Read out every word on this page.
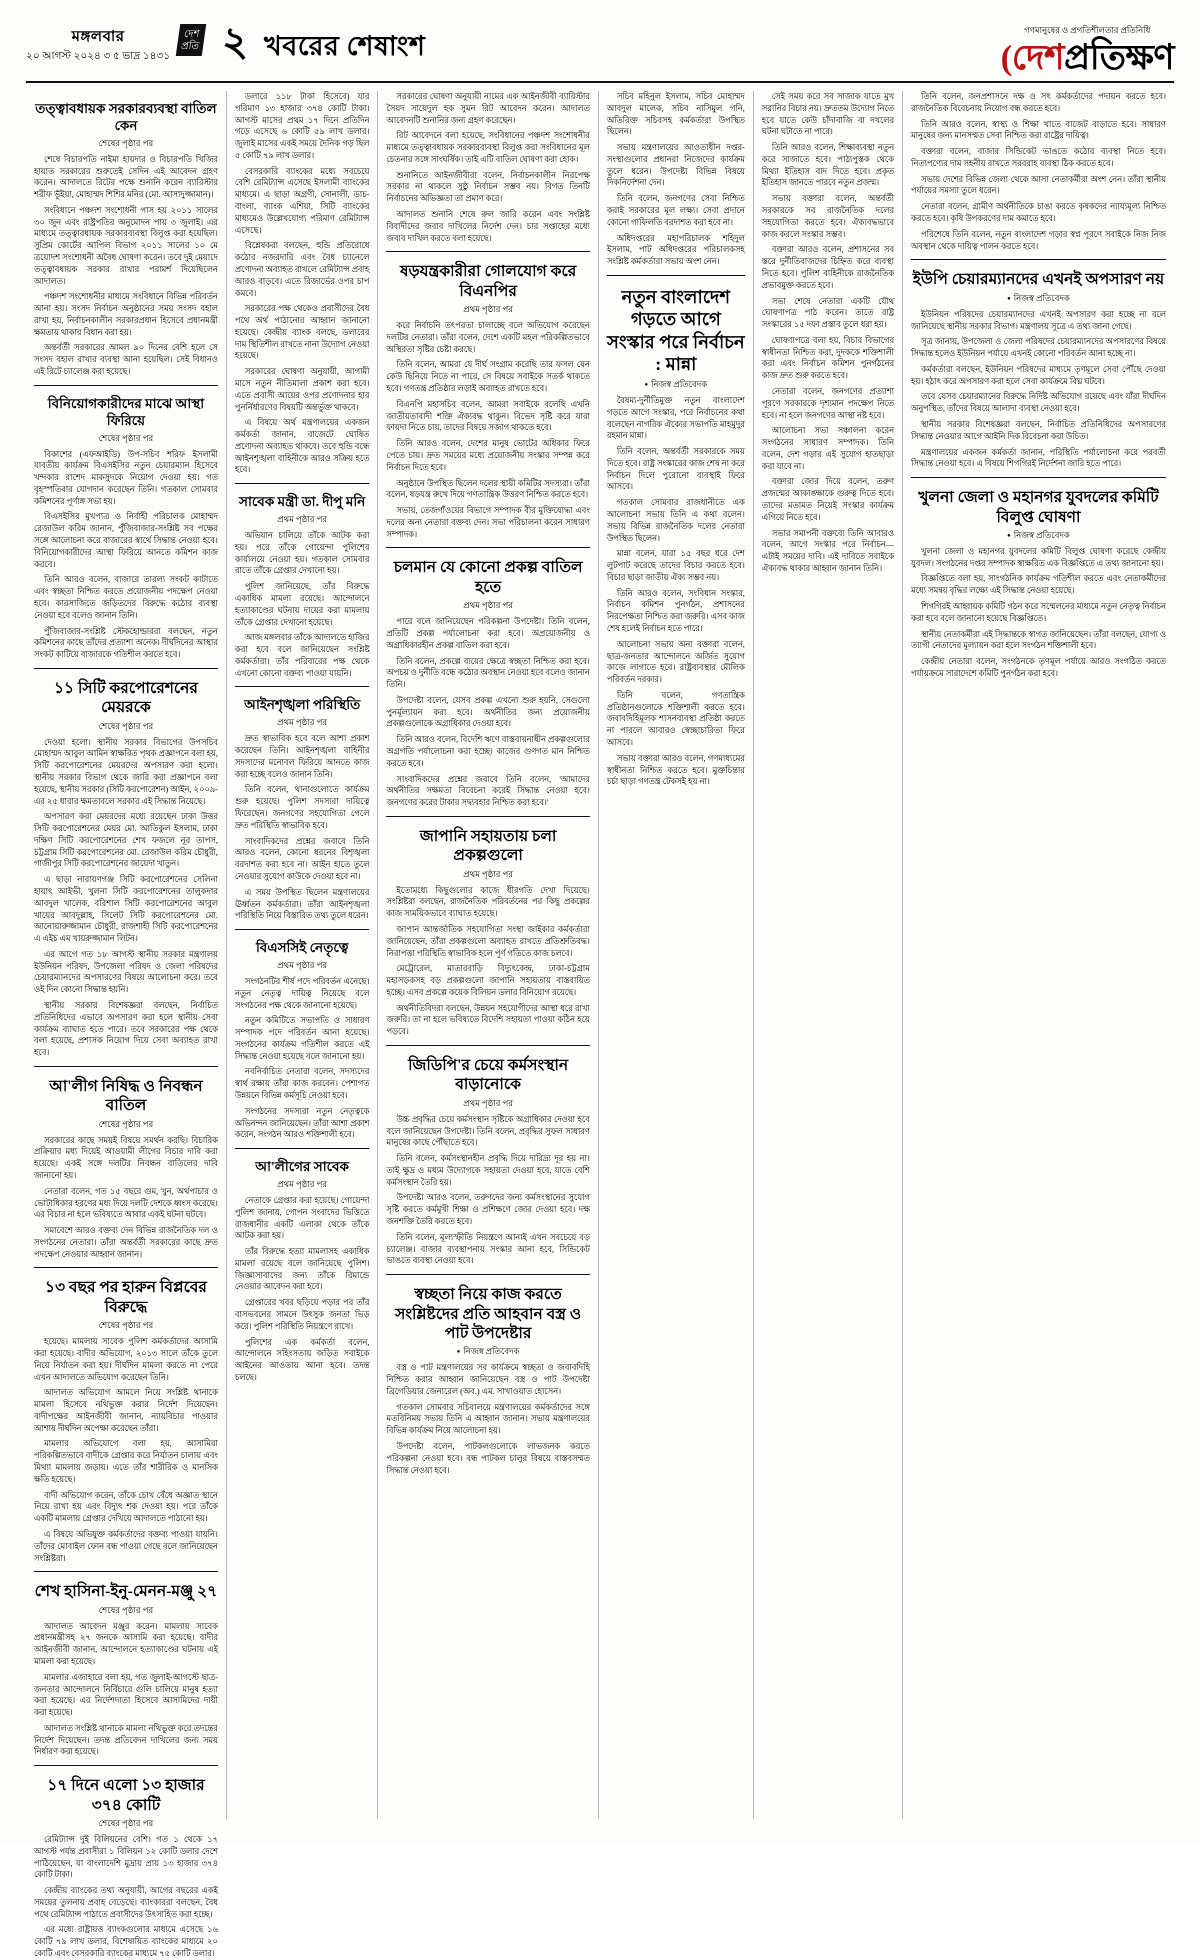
মঙ্গলবার
২০ আগস্ট ২০২৪ ৩ ৫ ভাদ্র ১৪৩১
দেশ
প্রতি ২ খবরের শেষাংশ
গণমানুষের ও প্রগতিশীলতার প্রতিনিধি
(দেশপ্রতিক্ষণ
তত্ত্বাবধায়ক সরকারব্যবস্থা বাতিল কেন
শেষের পৃষ্ঠার পর

শেষে বিচারপতি নাইমা হায়দার ও বিচারপতি খিজির হায়াত সরকারের শুরুতেই সেদিন এই আবেদন গ্রহণ করেন। আদালতে রিটের পক্ষে শুনানি করেন ব্যারিস্টার শরীফ ভূঁইয়া, মোহাম্মদ শিশির মনির (মো. আসাদুজ্জামান)।

সংবিধানে পঞ্চদশ সংশোধনী পাস হয় ২০১১ সালের ৩০ জুন এবং রাষ্ট্রপতির অনুমোদন পায় ৩ জুলাই। এর মাধ্যমে তত্ত্বাবধায়ক সরকারব্যবস্থা বিলুপ্ত করা হয়েছিল। সুপ্রিম কোর্টের আপিল বিভাগ ২০১১ সালের ১০ মে ত্রয়োদশ সংশোধনী অবৈধ ঘোষণা করেন। তবে দুই মেয়াদে তত্ত্বাবধায়ক সরকার রাখার পরামর্শ দিয়েছিলেন আদালত।

পঞ্চদশ সংশোধনীর মাধ্যমে সংবিধানে বিভিন্ন পরিবর্তন আনা হয়। সংসদ নির্বাচন অনুষ্ঠানের সময় সংসদ বহাল রাখা হয়, নির্বাচনকালীন সরকারপ্রধান হিসেবে প্রধানমন্ত্রী ক্ষমতায় থাকার বিধান করা হয়।

অন্তর্বর্তী সরকারের আমল ৯০ দিনের বেশি হলে সে সংসদ বহাল রাখার ব্যবস্থা আনা হয়েছিল। সেই বিধানও এই রিটে চ্যালেঞ্জ করা হয়েছে।

বিনিয়োগকারীদের মাঝে আস্থা ফিরিয়ে
শেষের পৃষ্ঠার পর

বিকাশের (এফআইডি) উপ-সচিব শরিফ ইসলামী যাবতীয় কার্যক্রম বিএসইসির নতুন চেয়ারম্যান হিসেবে খন্দকার রাশেদ মাকসুদকে নিয়োগ দেওয়া হয়। গত বৃহস্পতিবার যোগদান করেছেন তিনি। গতকাল সোমবার কমিশনের পূর্ণাঙ্গ সভা হয়।

বিএসইসির মুখপাত্র ও নির্বাহী পরিচালক মোহাম্মদ রেজাউল করিম জানান, পুঁজিবাজার-সংশ্লিষ্ট সব পক্ষের সঙ্গে আলোচনা করে বাজারের স্বার্থে সিদ্ধান্ত নেওয়া হবে। বিনিয়োগকারীদের আস্থা ফিরিয়ে আনতে কমিশন কাজ করবে।

তিনি আরও বলেন, বাজারে তারল্য সংকট কাটাতে এবং স্বচ্ছতা নিশ্চিত করতে প্রয়োজনীয় পদক্ষেপ নেওয়া হবে। কারসাজিতে জড়িতদের বিরুদ্ধে কঠোর ব্যবস্থা নেওয়া হবে বলেও জানান তিনি।

পুঁজিবাজার-সংশ্লিষ্ট স্টেকহোল্ডাররা বলছেন, নতুন কমিশনের কাছে তাঁদের প্রত্যাশা অনেক। দীর্ঘদিনের আস্থার সংকট কাটিয়ে বাজারকে গতিশীল করতে হবে।

১১ সিটি করপোরেশনের মেয়রকে
শেষের পৃষ্ঠার পর

দেওয়া হলো। স্থানীয় সরকার বিভাগের উপসচিব মোহাম্মদ আবুল আমিন স্বাক্ষরিত পৃথক প্রজ্ঞাপনে বলা হয়, সিটি করপোরেশনের মেয়রদের অপসারণ করা হলো। স্থানীয় সরকার বিভাগ থেকে জারি করা প্রজ্ঞাপনে বলা হয়েছে, স্থানীয় সরকার (সিটি করপোরেশন) আইন, ২০০৯-এর ২৫ ধারার ক্ষমতাবলে সরকার এই সিদ্ধান্ত নিয়েছে।

অপসারণ করা মেয়রদের মধ্যে রয়েছেন ঢাকা উত্তর সিটি করপোরেশনের মেয়র মো. আতিকুল ইসলাম, ঢাকা দক্ষিণ সিটি করপোরেশনের শেখ ফজলে নূর তাপস, চট্টগ্রাম সিটি করপোরেশনের মো. রেজাউল করিম চৌধুরী, গাজীপুর সিটি করপোরেশনের জায়েদা খাতুন।

এ ছাড়া নারায়ণগঞ্জ সিটি করপোরেশনের সেলিনা হায়াৎ আইভী, খুলনা সিটি করপোরেশনের তালুকদার আবদুল খালেক, বরিশাল সিটি করপোরেশনের আবুল খায়ের আবদুল্লাহ, সিলেট সিটি করপোরেশনের মো. আনোয়ারুজ্জামান চৌধুরী, রাজশাহী সিটি করপোরেশনের এ এইচ এম খায়রুজ্জামান লিটন।

এর আগে গত ১৮ আগস্ট স্থানীয় সরকার মন্ত্রণালয় ইউনিয়ন পরিষদ, উপজেলা পরিষদ ও জেলা পরিষদের চেয়ারম্যানদের অপসারণের বিষয়ে আলোচনা করে। তবে ওই দিন কোনো সিদ্ধান্ত হয়নি।

স্থানীয় সরকার বিশেষজ্ঞরা বলছেন, নির্বাচিত প্রতিনিধিদের এভাবে অপসারণ করা হলে স্থানীয় সেবা কার্যক্রম ব্যাঘাত হতে পারে। তবে সরকারের পক্ষ থেকে বলা হয়েছে, প্রশাসক নিয়োগ দিয়ে সেবা অব্যাহত রাখা হবে।

আ'লীগ নিষিদ্ধ ও নিবন্ধন বাতিল
শেষের পৃষ্ঠার পর

সরকারের কাছে সময়ই বিষয়ে সমর্থন করছি। বিচারিক প্রক্রিয়ার মধ্য দিয়েই আওয়ামী লীগের বিচার দাবি করা হয়েছে। একই সঙ্গে দলটির নিবন্ধন বাতিলের দাবি জানানো হয়।

নেতারা বলেন, গত ১৫ বছরে গুম, খুন, অর্থপাচার ও ভোটাধিকার হরণের মধ্য দিয়ে দলটি দেশকে ধ্বংস করেছে। এর বিচার না হলে ভবিষ্যতে আবার একই ঘটনা ঘটবে।

সমাবেশে আরও বক্তব্য দেন বিভিন্ন রাজনৈতিক দল ও সংগঠনের নেতারা। তাঁরা অন্তর্বর্তী সরকারের কাছে দ্রুত পদক্ষেপ নেওয়ার আহ্বান জানান।

১৩ বছর পর হারুন বিপ্লবের বিরুদ্ধে
শেষের পৃষ্ঠার পর

হয়েছে। মামলায় সাবেক পুলিশ কর্মকর্তাদের আসামি করা হয়েছে। বাদীর অভিযোগ, ২০১৩ সালে তাঁকে তুলে নিয়ে নির্যাতন করা হয়। দীর্ঘদিন মামলা করতে না পেরে এখন আদালতে অভিযোগ করেছেন তিনি।

আদালত অভিযোগ আমলে নিয়ে সংশ্লিষ্ট থানাকে মামলা হিসেবে নথিভুক্ত করার নির্দেশ দিয়েছেন। বাদীপক্ষের আইনজীবী জানান, ন্যায়বিচার পাওয়ার আশায় দীর্ঘদিন অপেক্ষা করেছেন তাঁরা।

মামলার অভিযোগে বলা হয়, আসামিরা পরিকল্পিতভাবে বাদীকে গ্রেপ্তার করে নির্যাতন চালায় এবং মিথ্যা মামলায় জড়ায়। এতে তাঁর শারীরিক ও মানসিক ক্ষতি হয়েছে।

বাদী অভিযোগ করেন, তাঁকে চোখ বেঁধে অজ্ঞাত স্থানে নিয়ে রাখা হয় এবং বিদ্যুৎ শক দেওয়া হয়। পরে তাঁকে একটি মামলায় গ্রেপ্তার দেখিয়ে আদালতে পাঠানো হয়।

এ বিষয়ে অভিযুক্ত কর্মকর্তাদের বক্তব্য পাওয়া যায়নি। তাঁদের মোবাইল ফোন বন্ধ পাওয়া গেছে বলে জানিয়েছেন সংশ্লিষ্টরা।

শেখ হাসিনা-ইনু-মেনন-মঞ্জু ২৭
শেষের পৃষ্ঠার পর

আদালত আবেদন মঞ্জুর করেন। মামলায় সাবেক প্রধানমন্ত্রীসহ ২৭ জনকে আসামি করা হয়েছে। বাদীর আইনজীবী জানান, আন্দোলনে হত্যাকাণ্ডের ঘটনায় এই মামলা করা হয়েছে।

মামলার এজাহারে বলা হয়, গত জুলাই-আগস্টে ছাত্র-জনতার আন্দোলনে নির্বিচারে গুলি চালিয়ে মানুষ হত্যা করা হয়েছে। এর নির্দেশদাতা হিসেবে আসামিদের দায়ী করা হয়েছে।

আদালত সংশ্লিষ্ট থানাকে মামলা নথিভুক্ত করে তদন্তের নির্দেশ দিয়েছেন। তদন্ত প্রতিবেদন দাখিলের জন্য সময় নির্ধারণ করা হয়েছে।

১৭ দিনে এলো ১৩ হাজার ৩৭৪ কোটি
শেষের পৃষ্ঠার পর

রেমিট্যান্স দুই বিলিয়নের বেশি। গত ১ থেকে ১৭ আগস্ট পর্যন্ত প্রবাসীরা ১ বিলিয়ন ১২ কোটি ডলার দেশে পাঠিয়েছেন, যা বাংলাদেশি মুদ্রায় প্রায় ১৩ হাজার ৩৭৪ কোটি টাকা।

কেন্দ্রীয় ব্যাংকের তথ্য অনুযায়ী, আগের বছরের একই সময়ের তুলনায় প্রবাহ বেড়েছে। ব্যাংকাররা বলছেন, বৈধ পথে রেমিট্যান্স পাঠাতে প্রবাসীদের উৎসাহিত করা হচ্ছে।

এর মধ্যে রাষ্ট্রায়ত্ত ব্যাংকগুলোর মাধ্যমে এসেছে ১৬ কোটি ৭৯ লাখ ডলার, বিশেষায়িত ব্যাংকের মাধ্যমে ২০ কোটি এবং বেসরকারি ব্যাংকের মাধ্যমে ৭৫ কোটি ডলার।

ডলারে ১১৮ টাকা হিসেবে) যার পরিমাণ ১৩ হাজার ৩৭৪ কোটি টাকা। আগস্ট মাসের প্রথম ১৭ দিনে প্রতিদিন গড়ে এসেছে ৬ কোটি ৫৯ লাখ ডলার। জুলাই মাসের একই সময়ে দৈনিক গড় ছিল ৫ কোটি ৭৯ লাখ ডলার।

বেসরকারি ব্যাংকের মধ্যে সবচেয়ে বেশি রেমিট্যান্স এসেছে ইসলামী ব্যাংকের মাধ্যমে। এ ছাড়া অগ্রণী, সোনালী, ডাচ-বাংলা, ব্যাংক এশিয়া, সিটি ব্যাংকের মাধ্যমেও উল্লেখযোগ্য পরিমাণ রেমিট্যান্স এসেছে।

বিশ্লেষকরা বলছেন, হুন্ডি প্রতিরোধে কঠোর নজরদারি এবং বৈধ চ্যানেলে প্রণোদনা অব্যাহত রাখলে রেমিট্যান্স প্রবাহ আরও বাড়বে। এতে রিজার্ভের ওপর চাপ কমবে।

সরকারের পক্ষ থেকেও প্রবাসীদের বৈধ পথে অর্থ পাঠানোর আহ্বান জানানো হয়েছে। কেন্দ্রীয় ব্যাংক বলছে, ডলারের দাম স্থিতিশীল রাখতে নানা উদ্যোগ নেওয়া হয়েছে।

সরকারের ঘোষণা অনুযায়ী, আগামী মাসে নতুন নীতিমালা প্রকাশ করা হবে। এতে প্রবাসী আয়ের ওপর প্রণোদনার হার পুনর্নির্ধারণের বিষয়টি অন্তর্ভুক্ত থাকবে।

এ বিষয়ে অর্থ মন্ত্রণালয়ের একজন কর্মকর্তা জানান, বাজেটে ঘোষিত প্রণোদনা অব্যাহত থাকবে। তবে হুন্ডি বন্ধে আইনশৃঙ্খলা বাহিনীকে আরও সক্রিয় হতে হবে।

সাবেক মন্ত্রী ডা. দীপু মনি
প্রথম পৃষ্ঠার পর

অভিযান চালিয়ে তাঁকে আটক করা হয়। পরে তাঁকে গোয়েন্দা পুলিশের কার্যালয়ে নেওয়া হয়। গতকাল সোমবার রাতে তাঁকে গ্রেপ্তার দেখানো হয়।

পুলিশ জানিয়েছে, তাঁর বিরুদ্ধে একাধিক মামলা রয়েছে। আন্দোলনে হত্যাকাণ্ডের ঘটনায় দায়ের করা মামলায় তাঁকে গ্রেপ্তার দেখানো হয়েছে।

আজ মঙ্গলবার তাঁকে আদালতে হাজির করা হবে বলে জানিয়েছেন সংশ্লিষ্ট কর্মকর্তারা। তাঁর পরিবারের পক্ষ থেকে এখনো কোনো বক্তব্য পাওয়া যায়নি।

আইনশৃঙ্খলা পরিস্থিতি
প্রথম পৃষ্ঠার পর

দ্রুত স্বাভাবিক হবে বলে আশা প্রকাশ করেছেন তিনি। আইনশৃঙ্খলা বাহিনীর সদস্যদের মনোবল ফিরিয়ে আনতে কাজ করা হচ্ছে বলেও জানান তিনি।

তিনি বলেন, থানাগুলোতে কার্যক্রম শুরু হয়েছে। পুলিশ সদস্যরা দায়িত্বে ফিরেছেন। জনগণের সহযোগিতা পেলে দ্রুত পরিস্থিতি স্বাভাবিক হবে।

সাংবাদিকদের প্রশ্নের জবাবে তিনি আরও বলেন, কোনো ধরনের বিশৃঙ্খলা বরদাশত করা হবে না। আইন হাতে তুলে নেওয়ার সুযোগ কাউকে দেওয়া হবে না।

এ সময় উপস্থিত ছিলেন মন্ত্রণালয়ের ঊর্ধ্বতন কর্মকর্তারা। তাঁরা আইনশৃঙ্খলা পরিস্থিতি নিয়ে বিস্তারিত তথ্য তুলে ধরেন।

বিএসসিই নেতৃত্বে
প্রথম পৃষ্ঠার পর

সংগঠনটির শীর্ষ পদে পরিবর্তন এনেছে। নতুন নেতৃত্ব দায়িত্ব নিয়েছে বলে সংগঠনের পক্ষ থেকে জানানো হয়েছে।

নতুন কমিটিতে সভাপতি ও সাধারণ সম্পাদক পদে পরিবর্তন আনা হয়েছে। সংগঠনের কার্যক্রম গতিশীল করতে এই সিদ্ধান্ত নেওয়া হয়েছে বলে জানানো হয়।

নবনির্বাচিত নেতারা বলেন, সদস্যদের স্বার্থ রক্ষায় তাঁরা কাজ করবেন। পেশাগত উন্নয়নে বিভিন্ন কর্মসূচি নেওয়া হবে।

সংগঠনের সদস্যরা নতুন নেতৃত্বকে অভিনন্দন জানিয়েছেন। তাঁরা আশা প্রকাশ করেন, সংগঠন আরও শক্তিশালী হবে।

আ'লীগের সাবেক
প্রথম পৃষ্ঠার পর

নেতাকে গ্রেপ্তার করা হয়েছে। গোয়েন্দা পুলিশ জানায়, গোপন সংবাদের ভিত্তিতে রাজধানীর একটি এলাকা থেকে তাঁকে আটক করা হয়।

তাঁর বিরুদ্ধে হত্যা মামলাসহ একাধিক মামলা রয়েছে বলে জানিয়েছে পুলিশ। জিজ্ঞাসাবাদের জন্য তাঁকে রিমান্ডে নেওয়ার আবেদন করা হবে।

গ্রেপ্তারের খবর ছড়িয়ে পড়ার পর তাঁর বাসভবনের সামনে উৎসুক জনতা ভিড় করে। পুলিশ পরিস্থিতি নিয়ন্ত্রণে রাখে।

পুলিশের এক কর্মকর্তা বলেন, আন্দোলনে সহিংসতায় জড়িত সবাইকে আইনের আওতায় আনা হবে। তদন্ত চলছে।

সরকারের ঘোষণা অনুযায়ী নামের এক আইনজীবী ব্যারিস্টার সৈয়দ সায়েদুল হক সুমন রিট আবেদন করেন। আদালত আবেদনটি শুনানির জন্য গ্রহণ করেছেন।

রিট আবেদনে বলা হয়েছে, সংবিধানের পঞ্চদশ সংশোধনীর মাধ্যমে তত্ত্বাবধায়ক সরকারব্যবস্থা বিলুপ্ত করা সংবিধানের মূল চেতনার সঙ্গে সাংঘর্ষিক। তাই এটি বাতিল ঘোষণা করা হোক।

শুনানিতে আইনজীবীরা বলেন, নির্বাচনকালীন নিরপেক্ষ সরকার না থাকলে সুষ্ঠু নির্বাচন সম্ভব নয়। বিগত তিনটি নির্বাচনের অভিজ্ঞতা তা প্রমাণ করে।

আদালত শুনানি শেষে রুল জারি করেন এবং সংশ্লিষ্ট বিবাদীদের জবাব দাখিলের নির্দেশ দেন। চার সপ্তাহের মধ্যে জবাব দাখিল করতে বলা হয়েছে।

ষড়যন্ত্রকারীরা গোলযোগ করে বিএনপির
প্রথম পৃষ্ঠার পর

করে নির্বাচনি তৎপরতা চালাচ্ছে বলে অভিযোগ করেছেন দলটির নেতারা। তাঁরা বলেন, দেশে একটি মহল পরিকল্পিতভাবে অস্থিরতা সৃষ্টির চেষ্টা করছে।

তিনি বলেন, আমরা যে দীর্ঘ সংগ্রাম করেছি তার ফসল যেন কেউ ছিনিয়ে নিতে না পারে, সে বিষয়ে সবাইকে সতর্ক থাকতে হবে। গণতন্ত্র প্রতিষ্ঠার লড়াই অব্যাহত রাখতে হবে।

বিএনপি মহাসচিব বলেন, আমরা সবাইকে বলেছি এখনি জাতীয়তাবাদী শক্তি ঐক্যবদ্ধ থাকুন। বিভেদ সৃষ্টি করে যারা ফায়দা নিতে চায়, তাদের বিষয়ে সজাগ থাকতে হবে।

তিনি আরও বলেন, দেশের মানুষ ভোটের অধিকার ফিরে পেতে চায়। দ্রুত সময়ের মধ্যে প্রয়োজনীয় সংস্কার সম্পন্ন করে নির্বাচন দিতে হবে।

অনুষ্ঠানে উপস্থিত ছিলেন দলের স্থায়ী কমিটির সদস্যরা। তাঁরা বলেন, ষড়যন্ত্র রুখে দিয়ে গণতান্ত্রিক উত্তরণ নিশ্চিত করতে হবে।

সভায়, তেজগাঁওয়ের বিভাগে সম্পাদক বীর মুক্তিযোদ্ধা এবং দলের অন্য নেতারা বক্তব্য দেন। সভা পরিচালনা করেন সাধারণ সম্পাদক।

চলমান যে কোনো প্রকল্প বাতিল হতে
প্রথম পৃষ্ঠার পর

পারে বলে জানিয়েছেন পরিকল্পনা উপদেষ্টা। তিনি বলেন, প্রতিটি প্রকল্প পর্যালোচনা করা হবে। অপ্রয়োজনীয় ও অগ্রাধিকারহীন প্রকল্প বাতিল করা হবে।

তিনি বলেন, প্রকল্পে ব্যয়ের ক্ষেত্রে স্বচ্ছতা নিশ্চিত করা হবে। অপচয় ও দুর্নীতি বন্ধে কঠোর অবস্থান নেওয়া হবে বলেও জানান তিনি।

উপদেষ্টা বলেন, যেসব প্রকল্প এখনো শুরু হয়নি, সেগুলো পুনর্মূল্যায়ন করা হবে। অর্থনীতির জন্য প্রয়োজনীয় প্রকল্পগুলোকে অগ্রাধিকার দেওয়া হবে।

তিনি আরও বলেন, বিদেশি ঋণে বাস্তবায়নাধীন প্রকল্পগুলোর অগ্রগতি পর্যালোচনা করা হচ্ছে। কাজের গুণগত মান নিশ্চিত করতে হবে।

সাংবাদিকদের প্রশ্নের জবাবে তিনি বলেন, 'আমাদের অর্থনীতির সক্ষমতা বিবেচনা করেই সিদ্ধান্ত নেওয়া হবে। জনগণের করের টাকার সদ্ব্যবহার নিশ্চিত করা হবে।'

জাপানি সহায়তায় চলা প্রকল্পগুলো
প্রথম পৃষ্ঠার পর

ইতোমধ্যে কিছুগুলোর কাজে ধীরগতি দেখা দিয়েছে। সংশ্লিষ্টরা বলছেন, রাজনৈতিক পরিবর্তনের পর কিছু প্রকল্পের কাজ সাময়িকভাবে ব্যাঘাত হয়েছে।

জাপান আন্তর্জাতিক সহযোগিতা সংস্থা জাইকার কর্মকর্তারা জানিয়েছেন, তাঁরা প্রকল্পগুলো অব্যাহত রাখতে প্রতিশ্রুতিবদ্ধ। নিরাপত্তা পরিস্থিতি স্বাভাবিক হলে পূর্ণ গতিতে কাজ চলবে।

মেট্রোরেল, মাতারবাড়ি বিদ্যুৎকেন্দ্র, ঢাকা-চট্টগ্রাম মহাসড়কসহ বড় প্রকল্পগুলো জাপানি সহায়তায় বাস্তবায়িত হচ্ছে। এসব প্রকল্পে কয়েক বিলিয়ন ডলার বিনিয়োগ রয়েছে।

অর্থনীতিবিদরা বলছেন, উন্নয়ন সহযোগীদের আস্থা ধরে রাখা জরুরি। তা না হলে ভবিষ্যতে বিদেশি সহায়তা পাওয়া কঠিন হয়ে পড়বে।

জিডিপি'র চেয়ে কর্মসংস্থান বাড়ানোকে
প্রথম পৃষ্ঠার পর

উচ্চ প্রবৃদ্ধির চেয়ে কর্মসংস্থান সৃষ্টিকে অগ্রাধিকার দেওয়া হবে বলে জানিয়েছেন উপদেষ্টা। তিনি বলেন, প্রবৃদ্ধির সুফল সাধারণ মানুষের কাছে পৌঁছাতে হবে।

তিনি বলেন, কর্মসংস্থানহীন প্রবৃদ্ধি দিয়ে দারিদ্র্য দূর হয় না। তাই ক্ষুদ্র ও মধ্যম উদ্যোগকে সহায়তা দেওয়া হবে, যাতে বেশি কর্মসংস্থান তৈরি হয়।

উপদেষ্টা আরও বলেন, তরুণদের জন্য কর্মসংস্থানের সুযোগ সৃষ্টি করতে কর্মমুখী শিক্ষা ও প্রশিক্ষণে জোর দেওয়া হবে। দক্ষ জনশক্তি তৈরি করতে হবে।

তিনি বলেন, মূল্যস্ফীতি নিয়ন্ত্রণে আনাই এখন সবচেয়ে বড় চ্যালেঞ্জ। বাজার ব্যবস্থাপনায় সংস্কার আনা হবে, সিন্ডিকেট ভাঙতে ব্যবস্থা নেওয়া হবে।

স্বচ্ছতা নিয়ে কাজ করতে সংশ্লিষ্টদের প্রতি আহবান বস্ত্র ও পাট উপদেষ্টার
● নিজস্ব প্রতিবেদক

বস্ত্র ও পাট মন্ত্রণালয়ের সব কার্যক্রমে স্বচ্ছতা ও জবাবদিহি নিশ্চিত করার আহ্বান জানিয়েছেন বস্ত্র ও পাট উপদেষ্টা ব্রিগেডিয়ার জেনারেল (অব.) এম. সাখাওয়াত হোসেন।

গতকাল সোমবার সচিবালয়ে মন্ত্রণালয়ের কর্মকর্তাদের সঙ্গে মতবিনিময় সভায় তিনি এ আহ্বান জানান। সভায় মন্ত্রণালয়ের বিভিন্ন কার্যক্রম নিয়ে আলোচনা হয়।

উপদেষ্টা বলেন, পাটকলগুলোকে লাভজনক করতে পরিকল্পনা নেওয়া হবে। বন্ধ পাটকল চালুর বিষয়ে বাস্তবসম্মত সিদ্ধান্ত নেওয়া হবে।

সচিব মহিনুল ইসলাম, সচিব মোহাম্মদ আবদুল মালেক, সচিব নাসিমুল গনি, অতিরিক্ত সচিবসহ কর্মকর্তারা উপস্থিত ছিলেন।

সভায় মন্ত্রণালয়ের আওতাধীন দপ্তর-সংস্থাগুলোর প্রধানরা নিজেদের কার্যক্রম তুলে ধরেন। উপদেষ্টা বিভিন্ন বিষয়ে দিকনির্দেশনা দেন।

তিনি বলেন, জনগণের সেবা নিশ্চিত করাই সরকারের মূল লক্ষ্য। সেবা প্রদানে কোনো গাফিলতি বরদাশত করা হবে না।

অধিদপ্তরের মহাপরিচালক শহিদুল ইসলাম, পাট অধিদপ্তরের পরিচালকসহ সংশ্লিষ্ট কর্মকর্তারা সভায় অংশ নেন।

নতুন বাংলাদেশ গড়তে আগে সংস্কার পরে নির্বাচন : মান্না
● নিজস্ব প্রতিবেদক

বৈষম্য-দুর্নীতিমুক্ত নতুন বাংলাদেশ গড়তে আগে সংস্কার, পরে নির্বাচনের কথা বলেছেন নাগরিক ঐক্যের সভাপতি মাহমুদুর রহমান মান্না।

তিনি বলেন, অন্তর্বর্তী সরকারকে সময় দিতে হবে। রাষ্ট্র সংস্কারের কাজ শেষ না করে নির্বাচন দিলে পুরোনো ব্যবস্থাই ফিরে আসবে।

গতকাল সোমবার রাজধানীতে এক আলোচনা সভায় তিনি এ কথা বলেন। সভায় বিভিন্ন রাজনৈতিক দলের নেতারা উপস্থিত ছিলেন।

মান্না বলেন, যারা ১৫ বছর ধরে দেশ লুটপাট করেছে তাদের বিচার করতে হবে। বিচার ছাড়া জাতীয় ঐক্য সম্ভব নয়।

তিনি আরও বলেন, সংবিধান সংস্কার, নির্বাচন কমিশন পুনর্গঠন, প্রশাসনের নিরপেক্ষতা নিশ্চিত করা জরুরি। এসব কাজ শেষ হলেই নির্বাচন হতে পারে।

আলোচনা সভায় অন্য বক্তারা বলেন, ছাত্র-জনতার আন্দোলনে অর্জিত সুযোগ কাজে লাগাতে হবে। রাষ্ট্রব্যবস্থার মৌলিক পরিবর্তন দরকার।

তিনি বলেন, গণতান্ত্রিক প্রতিষ্ঠানগুলোকে শক্তিশালী করতে হবে। জবাবদিহিমূলক শাসনব্যবস্থা প্রতিষ্ঠা করতে না পারলে আবারও স্বেচ্ছাচারিতা ফিরে আসবে।

সভায় বক্তারা আরও বলেন, গণমাধ্যমের স্বাধীনতা নিশ্চিত করতে হবে। মুক্তচিন্তার চর্চা ছাড়া গণতন্ত্র টেকসই হয় না।

সেই সময় করে সব সাজাক যাতে মুখ সরানির বিচার নয়। দ্রুততম উদ্যোগ নিতে হবে যাতে কেউ চাঁদাবাজি বা দখলের ঘটনা ঘটাতে না পারে।

তিনি আরও বলেন, শিক্ষাব্যবস্থা নতুন করে সাজাতে হবে। পাঠ্যপুস্তক থেকে মিথ্যা ইতিহাস বাদ দিতে হবে। প্রকৃত ইতিহাস জানতে পারবে নতুন প্রজন্ম।

সভায় বক্তারা বলেন, অন্তর্বর্তী সরকারকে সব রাজনৈতিক দলের সহযোগিতা করতে হবে। ঐক্যবদ্ধভাবে কাজ করলে সংস্কার সম্ভব।

বক্তারা আরও বলেন, প্রশাসনের সব স্তরে দুর্নীতিবাজদের চিহ্নিত করে ব্যবস্থা নিতে হবে। পুলিশ বাহিনীকে রাজনৈতিক প্রভাবমুক্ত করতে হবে।

সভা শেষে নেতারা একটি যৌথ ঘোষণাপত্র পাঠ করেন। তাতে রাষ্ট্র সংস্কারের ১৫ দফা প্রস্তাব তুলে ধরা হয়।

ঘোষণাপত্রে বলা হয়, বিচার বিভাগের স্বাধীনতা নিশ্চিত করা, দুদককে শক্তিশালী করা এবং নির্বাচন কমিশন পুনর্গঠনের কাজ দ্রুত শুরু করতে হবে।

নেতারা বলেন, জনগণের প্রত্যাশা পূরণে সরকারকে দৃশ্যমান পদক্ষেপ নিতে হবে। না হলে জনগণের আস্থা নষ্ট হবে।

আলোচনা সভা সঞ্চালনা করেন সংগঠনের সাধারণ সম্পাদক। তিনি বলেন, দেশ গড়ার এই সুযোগ হাতছাড়া করা যাবে না।

বক্তারা জোর দিয়ে বলেন, তরুণ প্রজন্মের আকাঙ্ক্ষাকে গুরুত্ব দিতে হবে। তাদের মতামত নিয়েই সংস্কার কার্যক্রম এগিয়ে নিতে হবে।

সভার সমাপনী বক্তব্যে তিনি আবারও বলেন, আগে সংস্কার পরে নির্বাচন—এটাই সময়ের দাবি। এই দাবিতে সবাইকে ঐক্যবদ্ধ থাকার আহ্বান জানান তিনি।

তিনি বলেন, জনপ্রশাসনে দক্ষ ও সৎ কর্মকর্তাদের পদায়ন করতে হবে। রাজনৈতিক বিবেচনায় নিয়োগ বন্ধ করতে হবে।

তিনি আরও বলেন, স্বাস্থ্য ও শিক্ষা খাতে বাজেট বাড়াতে হবে। সাধারণ মানুষের জন্য মানসম্মত সেবা নিশ্চিত করা রাষ্ট্রের দায়িত্ব।

বক্তারা বলেন, বাজার সিন্ডিকেট ভাঙতে কঠোর ব্যবস্থা নিতে হবে। নিত্যপণ্যের দাম সহনীয় রাখতে সরবরাহ ব্যবস্থা ঠিক করতে হবে।

সভায় দেশের বিভিন্ন জেলা থেকে আসা নেতাকর্মীরা অংশ নেন। তাঁরা স্থানীয় পর্যায়ের সমস্যা তুলে ধরেন।

নেতারা বলেন, গ্রামীণ অর্থনীতিকে চাঙা করতে কৃষকদের ন্যায্যমূল্য নিশ্চিত করতে হবে। কৃষি উপকরণের দাম কমাতে হবে।

পরিশেষে তিনি বলেন, নতুন বাংলাদেশ গড়ার স্বপ্ন পূরণে সবাইকে নিজ নিজ অবস্থান থেকে দায়িত্ব পালন করতে হবে।

ইউপি চেয়ারম্যানদের এখনই অপসারণ নয়
● নিজস্ব প্রতিবেদক

ইউনিয়ন পরিষদের চেয়ারম্যানদের এখনই অপসারণ করা হচ্ছে না বলে জানিয়েছে স্থানীয় সরকার বিভাগ। মন্ত্রণালয় সূত্রে এ তথ্য জানা গেছে।

সূত্র জানায়, উপজেলা ও জেলা পরিষদের চেয়ারম্যানদের অপসারণের বিষয়ে সিদ্ধান্ত হলেও ইউনিয়ন পর্যায়ে এখনই কোনো পরিবর্তন আনা হচ্ছে না।

কর্মকর্তারা বলছেন, ইউনিয়ন পরিষদের মাধ্যমে তৃণমূলে সেবা পৌঁছে দেওয়া হয়। হঠাৎ করে অপসারণ করা হলে সেবা কার্যক্রমে বিঘ্ন ঘটবে।

তবে যেসব চেয়ারম্যানের বিরুদ্ধে নির্দিষ্ট অভিযোগ রয়েছে এবং যাঁরা দীর্ঘদিন অনুপস্থিত, তাঁদের বিষয়ে আলাদা ব্যবস্থা নেওয়া হবে।

স্থানীয় সরকার বিশেষজ্ঞরা বলছেন, নির্বাচিত প্রতিনিধিদের অপসারণের সিদ্ধান্ত নেওয়ার আগে আইনি দিক বিবেচনা করা উচিত।

মন্ত্রণালয়ের একজন কর্মকর্তা জানান, পরিস্থিতি পর্যালোচনা করে পরবর্তী সিদ্ধান্ত নেওয়া হবে। এ বিষয়ে শিগগিরই নির্দেশনা জারি হতে পারে।

খুলনা জেলা ও মহানগর যুবদলের কমিটি বিলুপ্ত ঘোষণা
● নিজস্ব প্রতিবেদক

খুলনা জেলা ও মহানগর যুবদলের কমিটি বিলুপ্ত ঘোষণা করেছে কেন্দ্রীয় যুবদল। সংগঠনের দপ্তর সম্পাদক স্বাক্ষরিত এক বিজ্ঞপ্তিতে এ তথ্য জানানো হয়।

বিজ্ঞপ্তিতে বলা হয়, সাংগঠনিক কার্যক্রম গতিশীল করতে এবং নেতাকর্মীদের মধ্যে সমন্বয় বৃদ্ধির লক্ষ্যে এই সিদ্ধান্ত নেওয়া হয়েছে।

শিগগিরই আহ্বায়ক কমিটি গঠন করে সম্মেলনের মাধ্যমে নতুন নেতৃত্ব নির্বাচন করা হবে বলে জানানো হয়েছে বিজ্ঞপ্তিতে।

স্থানীয় নেতাকর্মীরা এই সিদ্ধান্তকে স্বাগত জানিয়েছেন। তাঁরা বলছেন, যোগ্য ও ত্যাগী নেতাদের মূল্যায়ন করা হলে সংগঠন শক্তিশালী হবে।

কেন্দ্রীয় নেতারা বলেন, সংগঠনকে তৃণমূল পর্যায়ে আরও সংগঠিত করতে পর্যায়ক্রমে সারাদেশে কমিটি পুনর্গঠন করা হবে।
